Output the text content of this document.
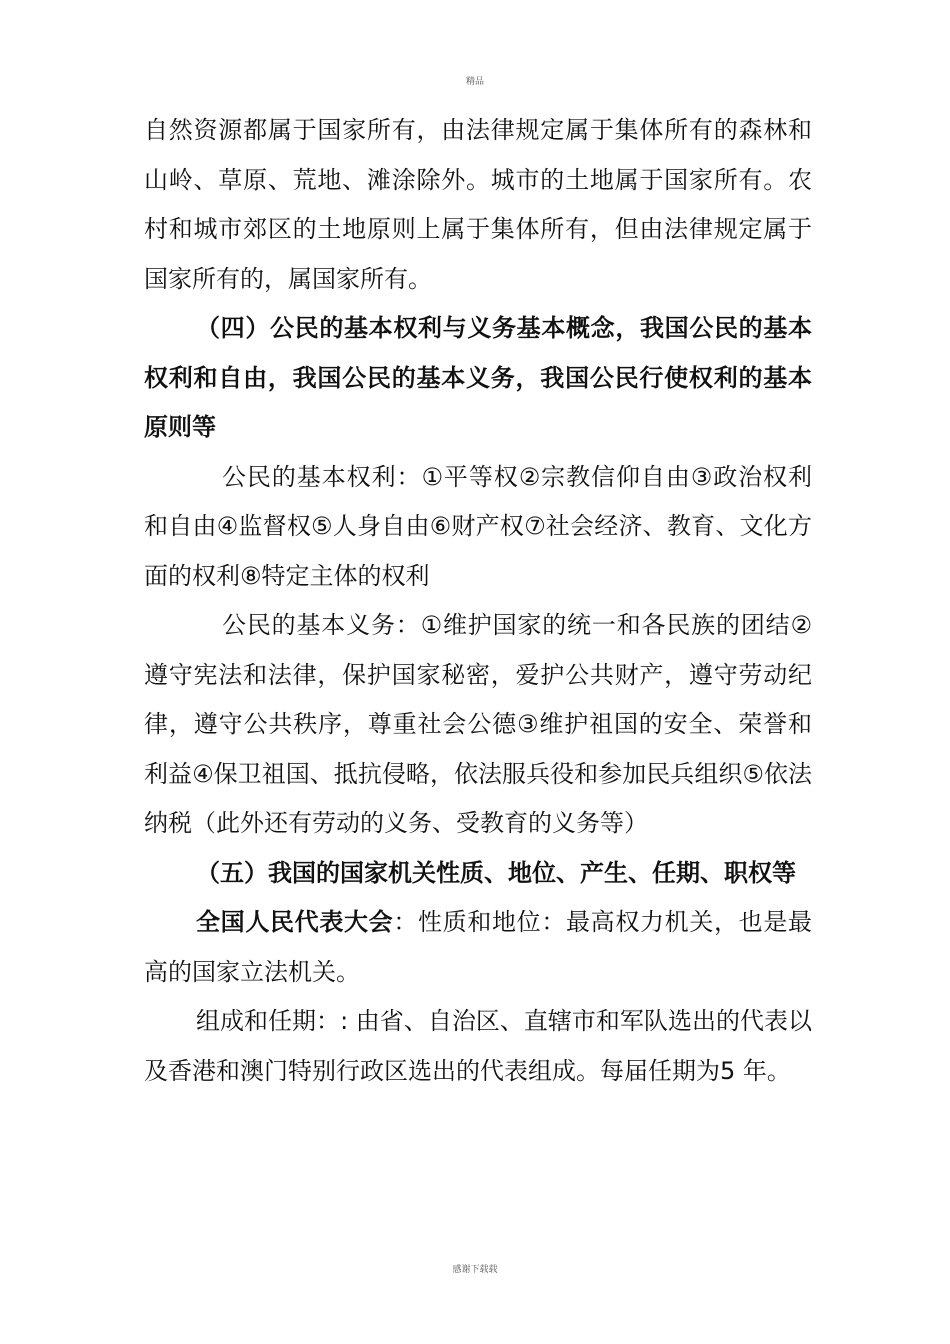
精品

自然资源都属于国家所有，由法律规定属于集体所有的森林和山岭、草原、荒地、滩涂除外。城市的土地属于国家所有。农村和城市郊区的土地原则上属于集体所有，但由法律规定属于国家所有的，属国家所有。

（四）公民的基本权利与义务基本概念，我国公民的基本权利和自由，我国公民的基本义务，我国公民行使权利的基本原则等

公民的基本权利：①平等权②宗教信仰自由③政治权利和自由④监督权⑤人身自由⑥财产权⑦社会经济、教育、文化方面的权利⑧特定主体的权利

公民的基本义务：①维护国家的统一和各民族的团结②遵守宪法和法律，保护国家秘密，爱护公共财产，遵守劳动纪律，遵守公共秩序，尊重社会公德③维护祖国的安全、荣誉和利益④保卫祖国、抵抗侵略，依法服兵役和参加民兵组织⑤依法纳税（此外还有劳动的义务、受教育的义务等）

（五）我国的国家机关性质、地位、产生、任期、职权等

全国人民代表大会：性质和地位：最高权力机关，也是最高的国家立法机关。

组成和任期：: 由省、自治区、直辖市和军队选出的代表以及香港和澳门特别行政区选出的代表组成。每届任期为5 年。

感谢下载载
